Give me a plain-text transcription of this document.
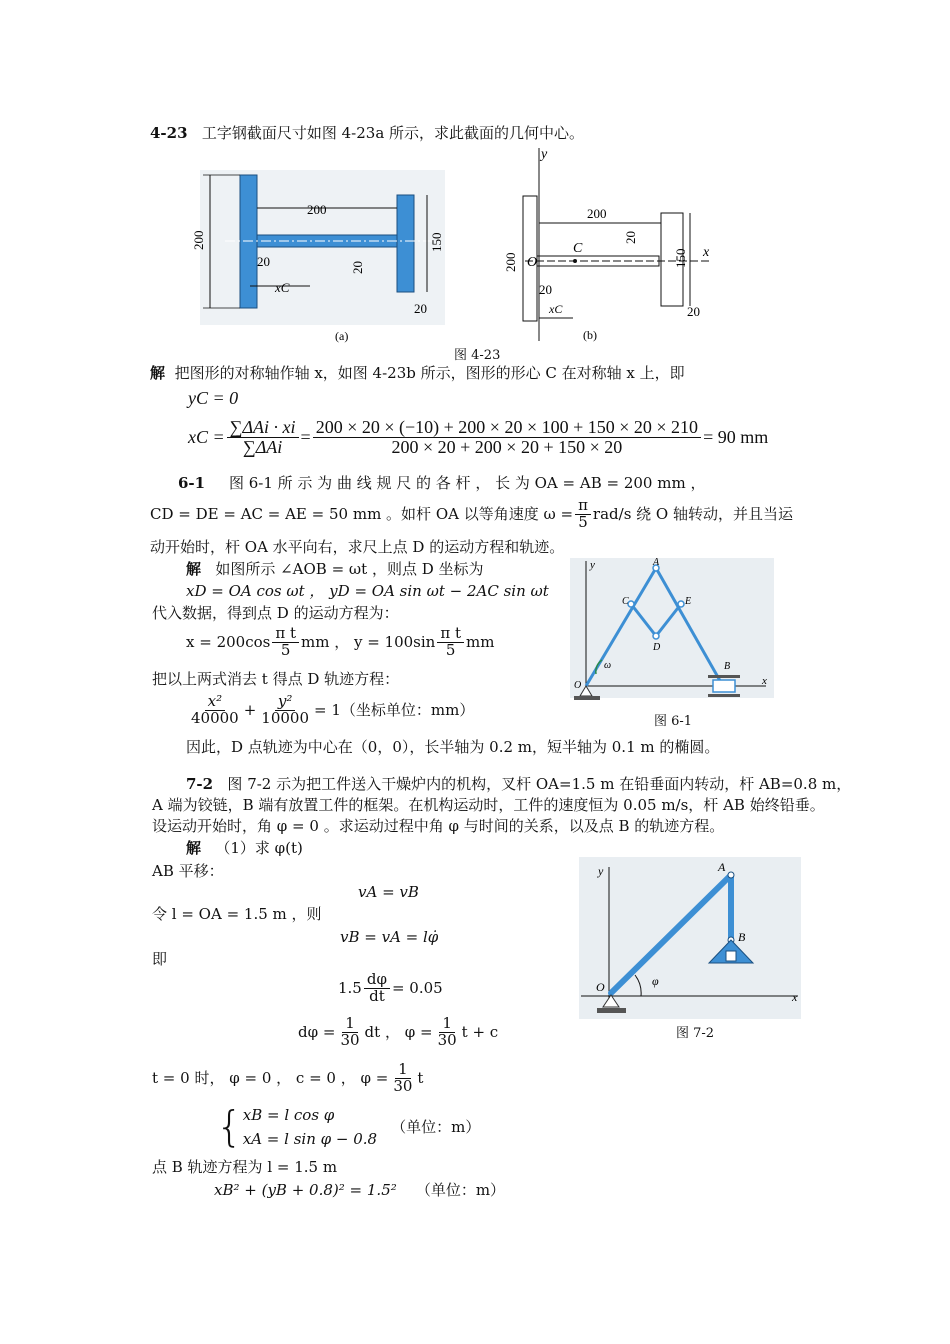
4-23 工字钢截面尺寸如图 4-23a 所示，求此截面的几何中心。
200
200
150
20	20
20
xC
(a)
y
x
O
C
200
200
20
150
20
xC	20
(b)
图 4-23
解 把图形的对称轴作轴 x，如图 4-23b 所示，图形的形心 C 在对称轴 x 上，即
yC = 0
xC = $\frac{\text{∑ΔAi · xi}}{\text{∑ΔAi}} = \frac{200 \times 20 \times (-10) + 200 \times 20 \times 100 + 150 \times 20 \times 210}{200 \times 20 + 200 \times 20 + 150 \times 20} = 90$ mm
6-1 图 6-1 所 示 为 曲 线 规 尺 的 各 杆 ， 长 为 OA = AB = 200 mm ，
CD = DE = AC = AE = 50 mm 。如杆 OA 以等角速度 $\omega = \frac{\pi}{5} rad/s$ 绕 O 轴转动，并且当运
动开始时，杆 OA 水平向右，求尺上点 D 的运动方程和轨迹。
解 如图所示 ∠AOB = ωt ，则点 D 坐标为
xD = OA cos ωt ， yD = OA sin ωt − 2AC sin ωt
代入数据，得到点 D 的运动方程为：
$x = 200\cos \frac{\text{π t}}{5}$ mm ， $y = 100\sin \frac{\text{π t}}{5}$ mm
把以上两式消去 t 得点 D 轨迹方程：
$\frac{\text{x²}}{40000} + \frac{\text{y²}}{10000} = 1$（坐标单位：mm）
因此，D 点轨迹为中心在（0，0），长半轴为 0.2 m，短半轴为 0.1 m 的椭圆。
y
x
A
C	E
D
O
B
ω
图 6-1
7-2 图 7-2 示为把工件送入干燥炉内的机构，叉杆 OA=1.5 m 在铅垂面内转动，杆 AB=0.8 m，
A 端为铰链，B 端有放置工件的框架。在机构运动时，工件的速度恒为 0.05 m/s，杆 AB 始终铅垂。
设运动开始时，角 φ = 0 。求运动过程中角 φ 与时间的关系，以及点 B 的轨迹方程。
解 （1）求 φ(t)
AB 平移：
vA = vB
令 l = OA = 1.5 m ，则
vB = vA = lφ̇
即
$1.5 \frac{d\varphi}{dt} = 0.05$
$d\varphi = \frac{1}{30}$ dt ， $\varphi = \frac{1}{30}$ t + c
t = 0 时， φ = 0 ， c = 0 ， $\varphi = \frac{1}{30}$ t
{ xB = l cos φ
xA = l sin φ − 0.8
（单位：m）
点 B 轨迹方程为 l = 1.5 m
xB² + (yB + 0.8)² = 1.5² （单位：m）
y
x
A
B
O	φ
图 7-2
